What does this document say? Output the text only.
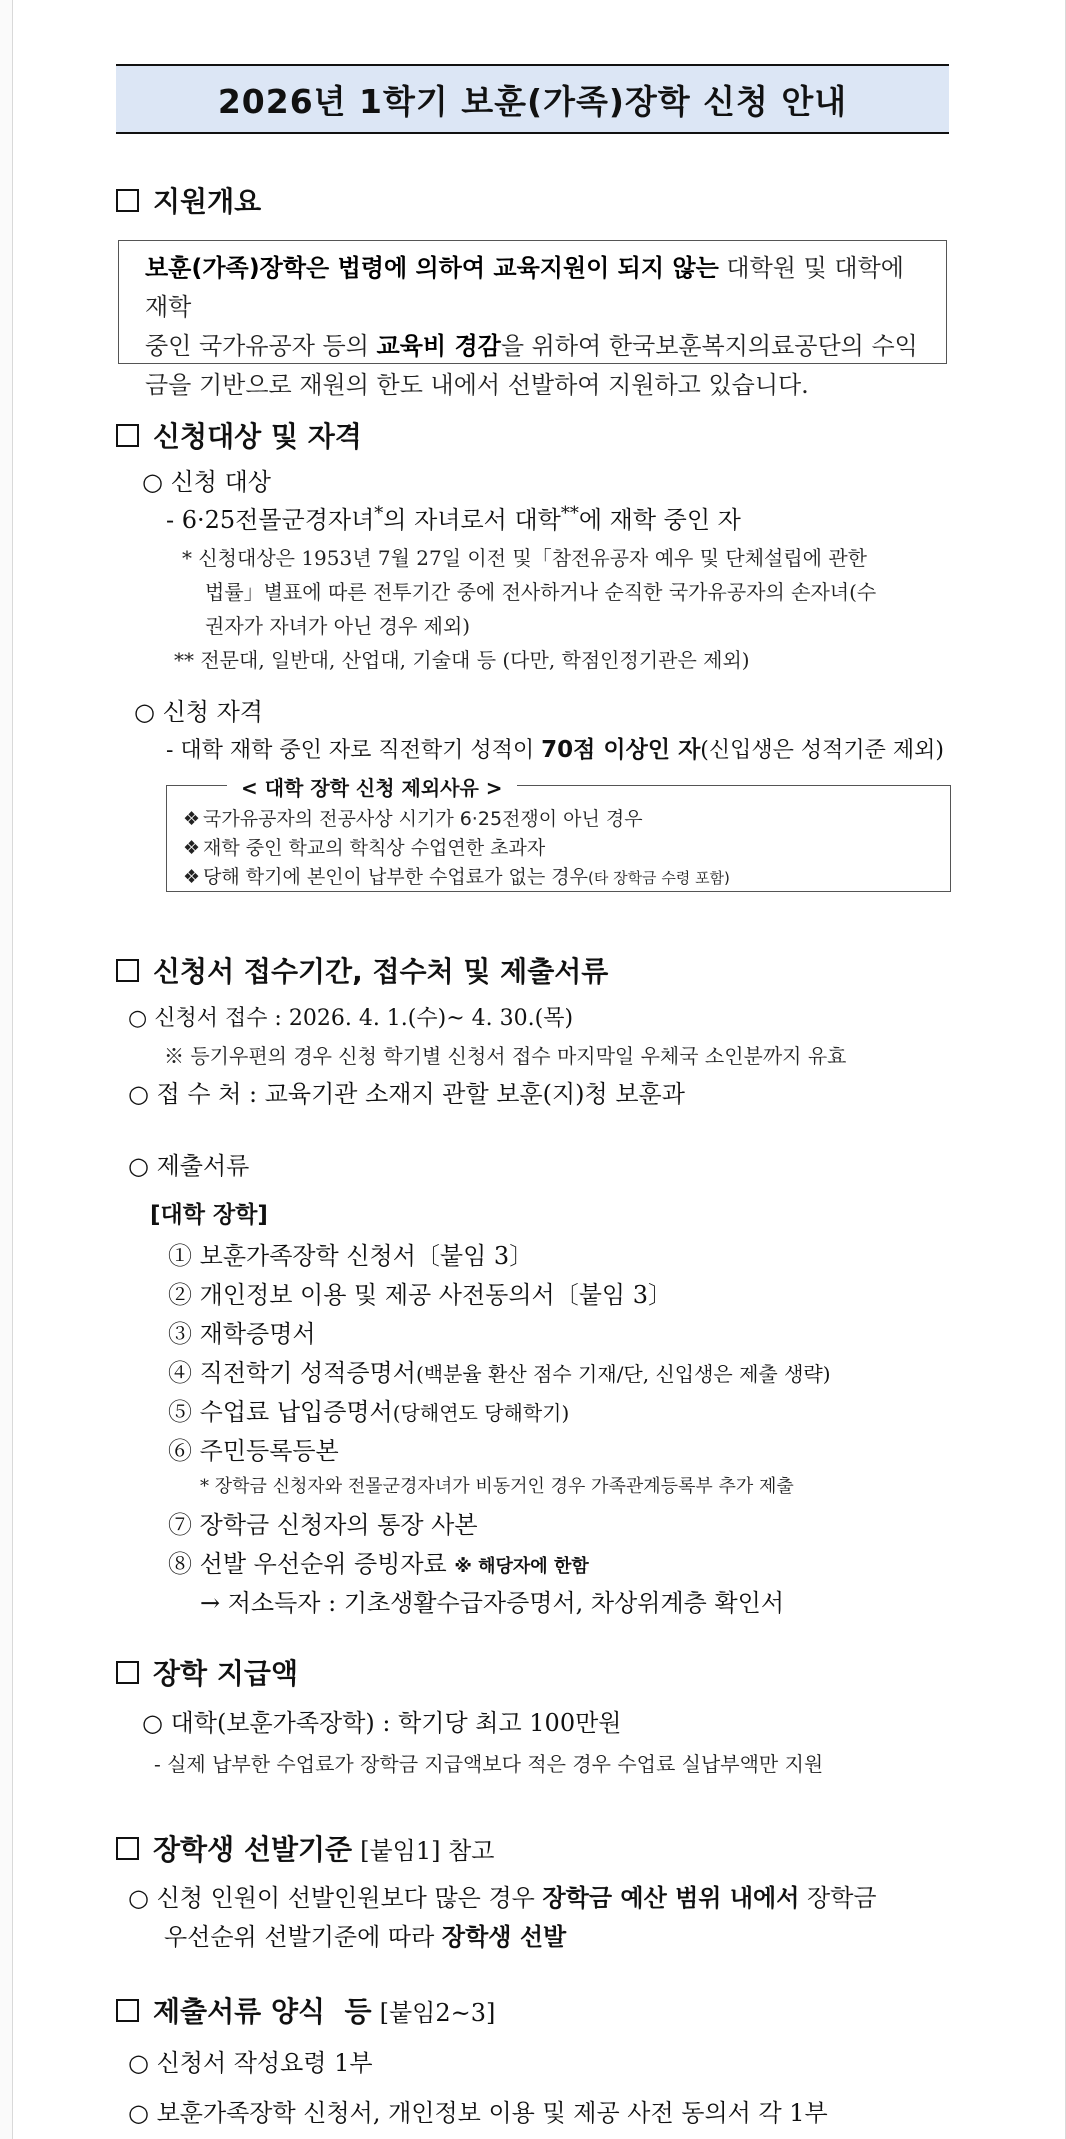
2026년 1학기 보훈(가족)장학 신청 안내
지원개요
보훈(가족)장학은 법령에 의하여 교육지원이 되지 않는 대학원 및 대학에 재학
중인 국가유공자 등의 교육비 경감을 위하여 한국보훈복지의료공단의 수익
금을 기반으로 재원의 한도 내에서 선발하여 지원하고 있습니다.
신청대상 및 자격
○ 신청 대상
- 6·25전몰군경자녀*의 자녀로서 대학**에 재학 중인 자
* 신청대상은 1953년 7월 27일 이전 및「참전유공자 예우 및 단체설립에 관한
법률」별표에 따른 전투기간 중에 전사하거나 순직한 국가유공자의 손자녀(수
권자가 자녀가 아닌 경우 제외)
** 전문대, 일반대, 산업대, 기술대 등 (다만, 학점인정기관은 제외)
○ 신청 자격
- 대학 재학 중인 자로 직전학기 성적이 70점 이상인 자(신입생은 성적기준 제외)
< 대학 장학 신청 제외사유 >
❖ 국가유공자의 전공사상 시기가 6·25전쟁이 아닌 경우
❖ 재학 중인 학교의 학칙상 수업연한 초과자
❖ 당해 학기에 본인이 납부한 수업료가 없는 경우(타 장학금 수령 포함)
신청서 접수기간, 접수처 및 제출서류
○ 신청서 접수 : 2026. 4. 1.(수)~ 4. 30.(목)
※ 등기우편의 경우 신청 학기별 신청서 접수 마지막일 우체국 소인분까지 유효
○ 접 수 처 : 교육기관 소재지 관할 보훈(지)청 보훈과
○ 제출서류
[대학 장학]
① 보훈가족장학 신청서〔붙임 3〕
② 개인정보 이용 및 제공 사전동의서〔붙임 3〕
③ 재학증명서
④ 직전학기 성적증명서(백분율 환산 점수 기재/단, 신입생은 제출 생략)
⑤ 수업료 납입증명서(당해연도 당해학기)
⑥ 주민등록등본
* 장학금 신청자와 전몰군경자녀가 비동거인 경우 가족관계등록부 추가 제출
⑦ 장학금 신청자의 통장 사본
⑧ 선발 우선순위 증빙자료 ※ 해당자에 한함
→ 저소득자 : 기초생활수급자증명서, 차상위계층 확인서
장학 지급액
○ 대학(보훈가족장학) : 학기당 최고 100만원
- 실제 납부한 수업료가 장학금 지급액보다 적은 경우 수업료 실납부액만 지원
장학생 선발기준 [붙임1] 참고
○ 신청 인원이 선발인원보다 많은 경우 장학금 예산 범위 내에서 장학금
우선순위 선발기준에 따라 장학생 선발
제출서류 양식  등 [붙임2~3]
○ 신청서 작성요령 1부
○ 보훈가족장학 신청서, 개인정보 이용 및 제공 사전 동의서 각 1부
